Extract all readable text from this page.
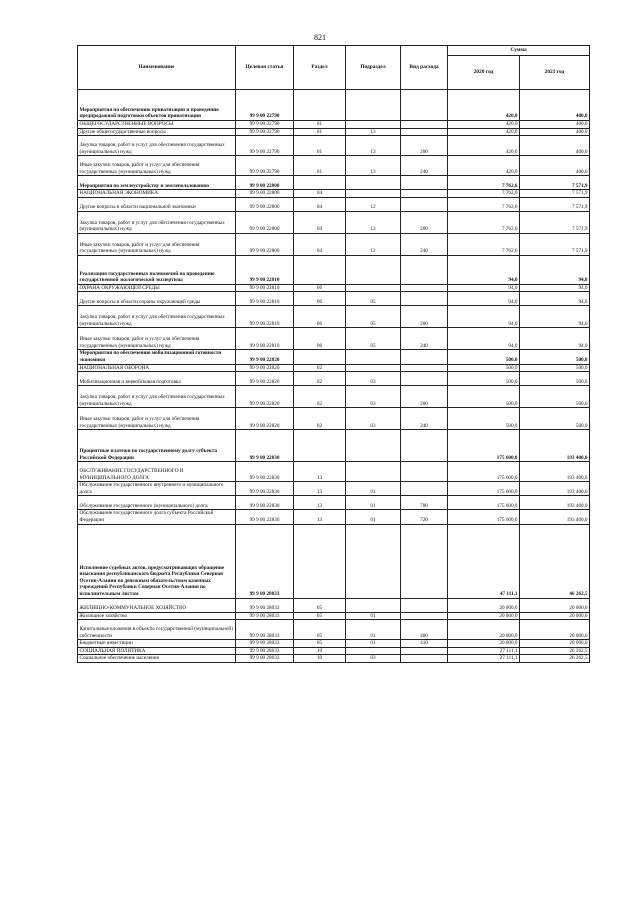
821
Наименование	Целевая статья	Раздел	Подраздел	Вид расхода	Сумма	
					2020 год	2021 год
Мероприятия по обеспечению приватизации и проведению предпродажной подготовки объектов приватизации	99 9 00 22790				420,0	400,0
ОБЩЕГОСУДАРСТВЕННЫЕ ВОПРОСЫ	99 9 00 22790	01			420,0	400,0
Другие общегосударственные вопросы	99 9 00 22790	01	13		420,0	400,0
Закупка товаров, работ и услуг для обеспечения государственных (муниципальных) нужд	99 9 00 22790	01	13	200	420,0	400,0
Иные закупки товаров, работ и услуг для обеспечения государственных (муниципальных) нужд	99 9 00 22790	01	13	240	420,0	400,0
Мероприятия по землеустройству и землепользованию	99 9 00 22800				7 762,6	7 571,9
НАЦИОНАЛЬНАЯ ЭКОНОМИКА	99 9 00 22800	04			7 762,6	7 571,9
Другие вопросы в области национальной экономики	99 9 00 22800	04	12		7 762,6	7 571,9
Закупка товаров, работ и услуг для обеспечения государственных (муниципальных) нужд	99 9 00 22800	04	12	200	7 762,6	7 571,9
Иные закупки товаров, работ и услуг для обеспечения государственных (муниципальных) нужд	99 9 00 22800	04	12	240	7 762,6	7 571,9
Реализация государственных полномочий по проведению государственной экологической экспертизы	99 9 00 22810				94,0	94,0
ОХРАНА ОКРУЖАЮЩЕЙ СРЕДЫ	99 9 00 22810	06			94,0	94,0
Другие вопросы в области охраны окружающей среды	99 9 00 22810	06	05		94,0	94,0
Закупка товаров, работ и услуг для обеспечения государственных (муниципальных) нужд	99 9 00 22810	06	05	200	94,0	94,0
Иные закупки товаров, работ и услуг для обеспечения государственных (муниципальных) нужд	99 9 00 22810	06	05	240	94,0	94,0
Мероприятия по обеспечению мобилизационной готовности экономики	99 9 00 22820				500,0	500,0
НАЦИОНАЛЬНАЯ ОБОРОНА	99 9 00 22820	02			500,0	500,0
Мобилизационная и вневойсковая подготовка	99 9 00 22820	02	03		500,0	500,0
Закупка товаров, работ и услуг для обеспечения государственных (муниципальных) нужд	99 9 00 22820	02	03	200	500,0	500,0
Иные закупки товаров, работ и услуг для обеспечения государственных (муниципальных) нужд	99 9 00 22820	02	03	240	500,0	500,0
Процентные платежи по государственному долгу субъекта Российской Федерации	99 9 00 22830				175 600,0	193 400,0
ОБСЛУЖИВАНИЕ ГОСУДАРСТВЕННОГО И МУНИЦИПАЛЬНОГО ДОЛГА	99 9 00 22830	13			175 600,0	193 400,0
Обслуживание государственного внутреннего и муниципального долга	99 9 00 22830	13	01		175 600,0	193 400,0
Обслуживание государственного (муниципального) долга	99 9 00 22830	13	01	700	175 600,0	193 400,0
Обслуживание государственного долга субъекта Российской Федерации	99 9 00 22830	13	01	720	175 600,0	193 400,0
Исполнение судебных актов, предусматривающих обращение взыскания республиканского бюджета Республики Северная Осетия-Алания по денежным обязательствам казенных учреждений Республики Северная Осетия-Алания по исполнительным листам	99 9 00 28033				47 111,1	46 262,5
ЖИЛИЩНО-КОММУНАЛЬНОЕ ХОЗЯЙСТВО	99 9 00 28033	05			20 000,0	20 000,0
Жилищное хозяйство	99 9 00 28033	05	01		20 000,0	20 000,0
Капитальные вложения в объекты государственной (муниципальной) собственности	99 9 00 28033	05	01	400	20 000,0	20 000,0
Бюджетные инвестиции	99 9 00 28033	05	01	410	20 000,0	20 000,0
СОЦИАЛЬНАЯ ПОЛИТИКА	99 9 00 28033	10			27 111,1	26 262,5
Социальное обеспечение населения	99 9 00 28033	10	03		27 111,1	26 262,5
